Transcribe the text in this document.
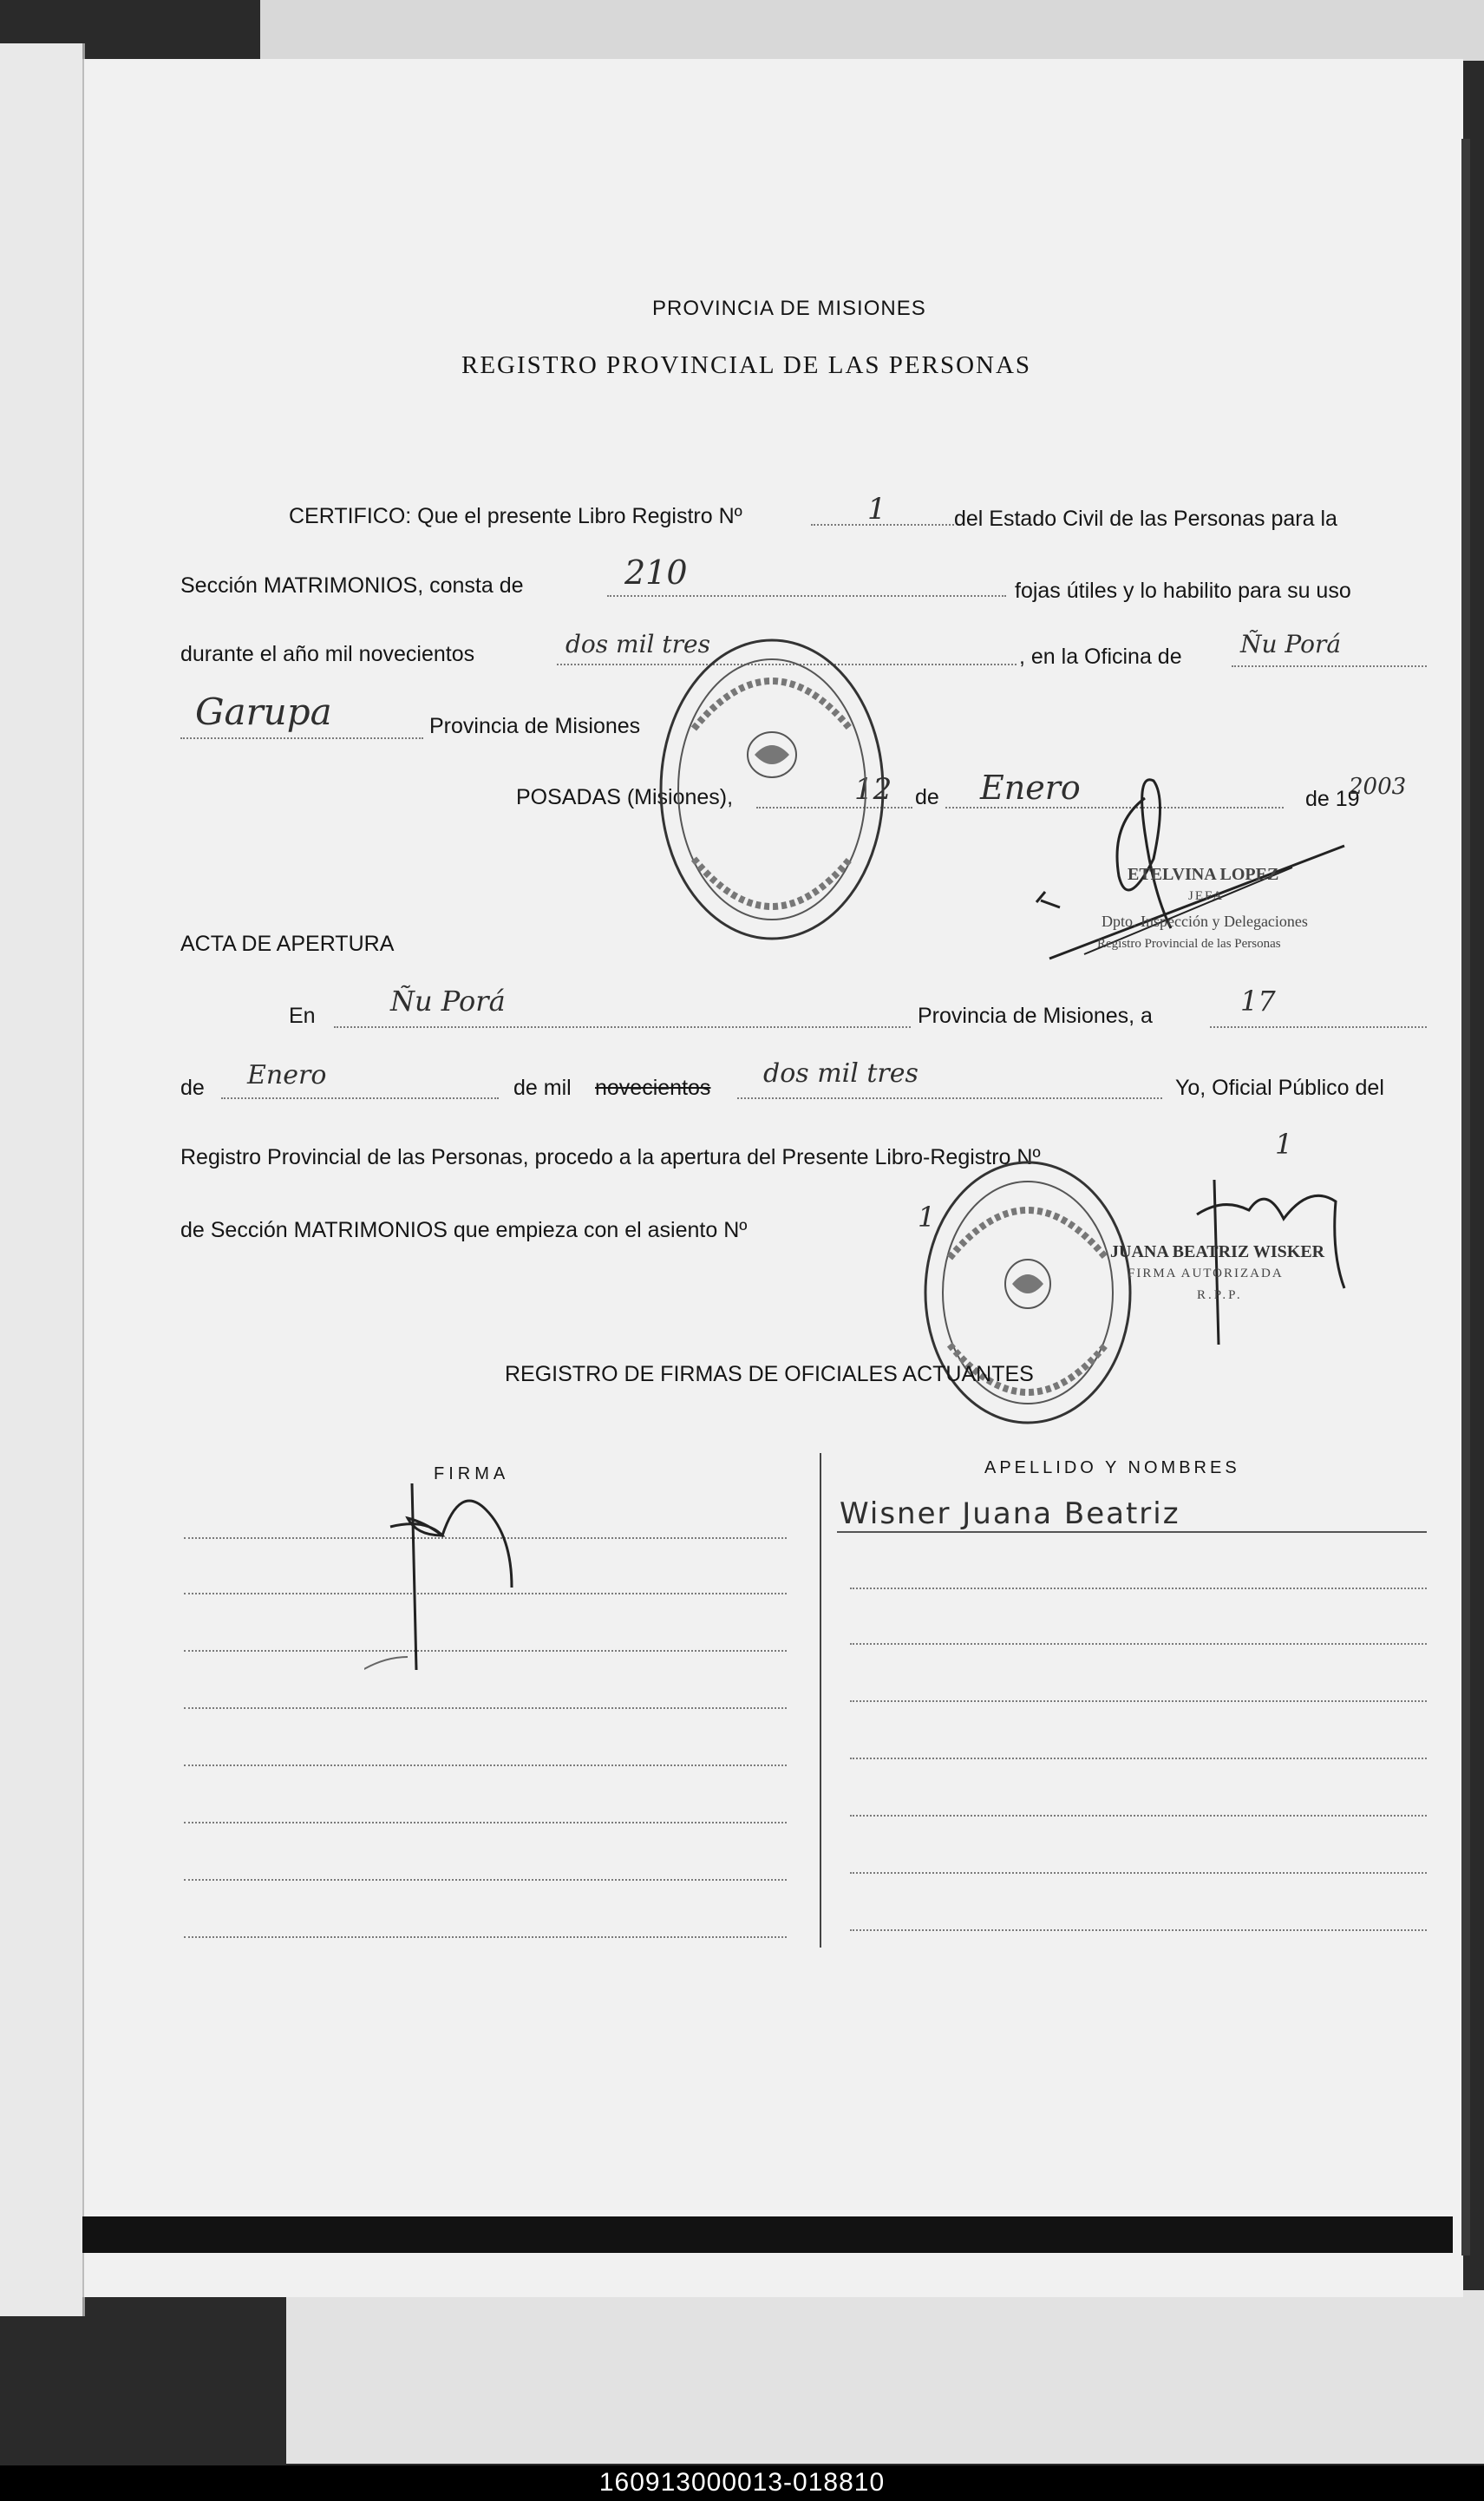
PROVINCIA DE MISIONES
REGISTRO PROVINCIAL DE LAS PERSONAS
CERTIFICO: Que el presente Libro Registro Nº	1	del Estado Civil de las Personas para la
Sección MATRIMONIOS, consta de	210	fojas útiles y lo habilito para su uso
durante el año mil novecientos	dos mil tres	, en la Oficina de Ñu Porá
Garupa	Provincia de Misiones
POSADAS (Misiones),	12 de Enero	de 19
2003
ETELVINA LOPEZ
JEFA
Dpto. Inspección y Delegaciones
Registro Provincial de las Personas
ACTA DE APERTURA
En	Ñu Porá	Provincia de Misiones, a	17
de Enero	de mil novecientos dos mil tres	Yo, Oficial Público del
Registro Provincial de las Personas, procedo a la apertura del Presente Libro-Registro Nº	1
de Sección MATRIMONIOS que empieza con el asiento Nº	1
JUANA BEATRIZ WISKER
FIRMA AUTORIZADA
R.P.P.
REGISTRO DE FIRMAS DE OFICIALES ACTUANTES
FIRMA	APELLIDO Y NOMBRES
Wisner Juana Beatriz
160913000013-018810
